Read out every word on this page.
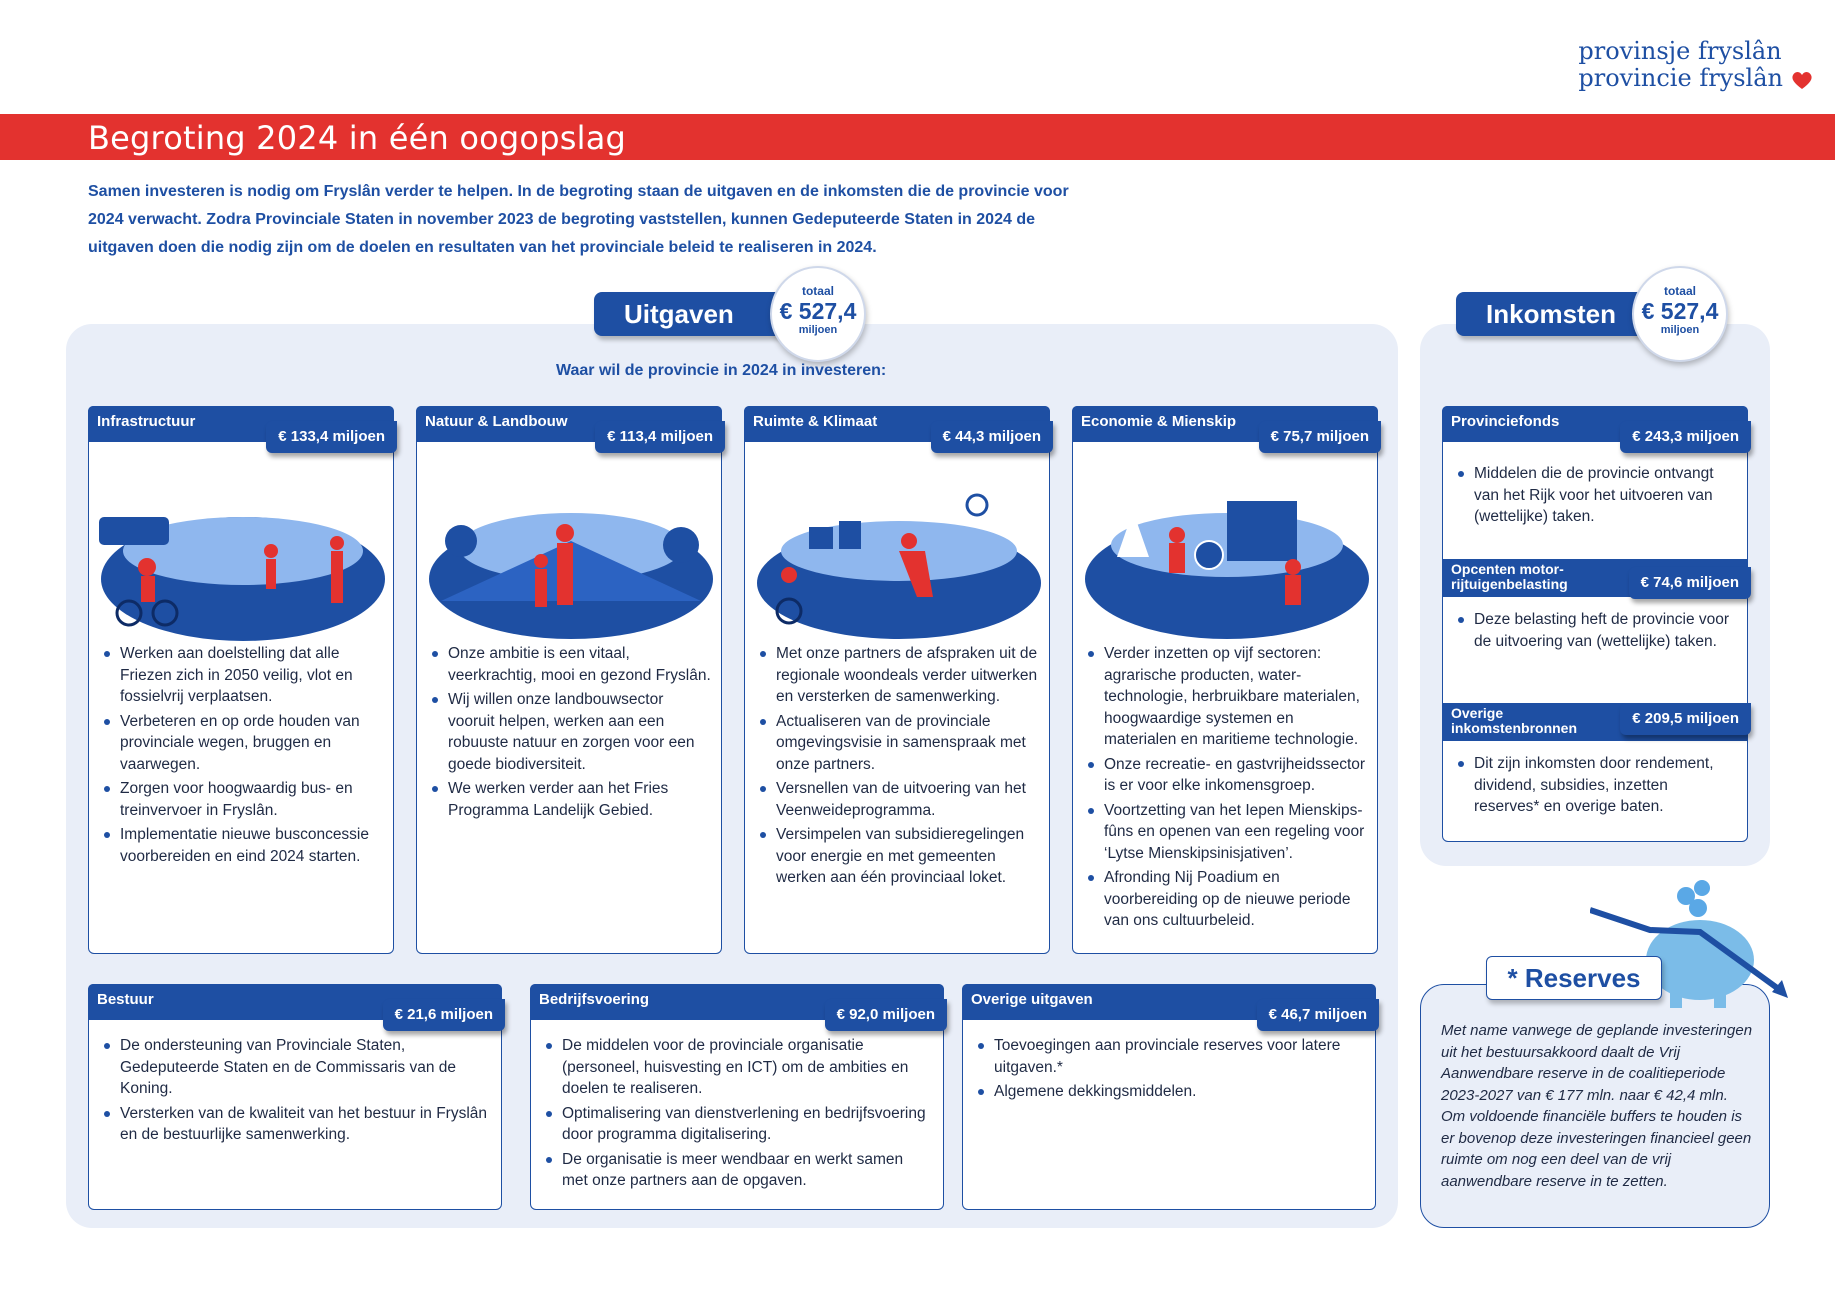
provinsje fryslân
provincie fryslân
Begroting 2024 in één oogopslag
Samen investeren is nodig om Fryslân verder te helpen. In de begroting staan de uitgaven en de inkomsten die de provincie voor 2024 verwacht. Zodra Provinciale Staten in november 2023 de begroting vaststellen, kunnen Gedeputeerde Staten in 2024 de uitgaven doen die nodig zijn om de doelen en resultaten van het provinciale beleid te realiseren in 2024.
Uitgaven
totaal
€ 527,4
miljoen
Inkomsten
totaal
€ 527,4
miljoen
Waar wil de provincie in 2024 in investeren:
Infrastructuur
€ 133,4 miljoen
Werken aan doelstelling dat alle Friezen zich in 2050 veilig, vlot en fossielvrij verplaatsen.
Verbeteren en op orde houden van provinciale wegen, bruggen en vaarwegen.
Zorgen voor hoogwaardig bus- en treinvervoer in Fryslân.
Implementatie nieuwe busconcessie voorbereiden en eind 2024 starten.
Natuur & Landbouw
€ 113,4 miljoen
Onze ambitie is een vitaal, veerkrachtig, mooi en gezond Fryslân.
Wij willen onze landbouwsector vooruit helpen, werken aan een robuuste natuur en zorgen voor een goede biodiversiteit.
We werken verder aan het Fries Programma Landelijk Gebied.
Ruimte & Klimaat
€ 44,3 miljoen
Met onze partners de afspraken uit de regionale woondeals verder uitwerken en versterken de samenwerking.
Actualiseren van de provinciale omgevingsvisie in samenspraak met onze partners.
Versnellen van de uitvoering van het Veenweideprogramma.
Versimpelen van subsidieregelingen voor energie en met gemeenten werken aan één provinciaal loket.
Economie & Mienskip
€ 75,7 miljoen
Verder inzetten op vijf sectoren: agrarische producten, water-technologie, herbruikbare materialen, hoogwaardige systemen en materialen en maritieme technologie.
Onze recreatie- en gastvrijheidssector is er voor elke inkomensgroep.
Voortzetting van het Iepen Mienskips-fûns en openen van een regeling voor ‘Lytse Mienskipsinisjativen’.
Afronding Nij Poadium en voorbereiding op de nieuwe periode van ons cultuurbeleid.
Bestuur
€ 21,6 miljoen
De ondersteuning van Provinciale Staten, Gedeputeerde Staten en de Commissaris van de Koning.
Versterken van de kwaliteit van het bestuur in Fryslân en de bestuurlijke samenwerking.
Bedrijfsvoering
€ 92,0 miljoen
De middelen voor de provinciale organisatie (personeel, huisvesting en ICT) om de ambities en doelen te realiseren.
Optimalisering van dienstverlening en bedrijfsvoering door programma digitalisering.
De organisatie is meer wendbaar en werkt samen met onze partners aan de opgaven.
Overige uitgaven
€ 46,7 miljoen
Toevoegingen aan provinciale reserves voor latere uitgaven.*
Algemene dekkingsmiddelen.
Provinciefonds
€ 243,3 miljoen
Middelen die de provincie ontvangt van het Rijk voor het uitvoeren van (wettelijke) taken.
Opcenten motor-
rijtuigenbelasting	€ 74,6 miljoen
Deze belasting heft de provincie voor de uitvoering van (wettelijke) taken.
Overige
inkomstenbronnen
€ 209,5 miljoen
Dit zijn inkomsten door rendement, dividend, subsidies, inzetten reserves* en overige baten.
* Reserves
Met name vanwege de geplande investeringen uit het bestuursakkoord daalt de Vrij Aanwendbare reserve in de coalitieperiode 2023-2027 van € 177 mln. naar € 42,4 mln. Om voldoende financiële buffers te houden is er bovenop deze investeringen financieel geen ruimte om nog een deel van de vrij aanwendbare reserve in te zetten.
